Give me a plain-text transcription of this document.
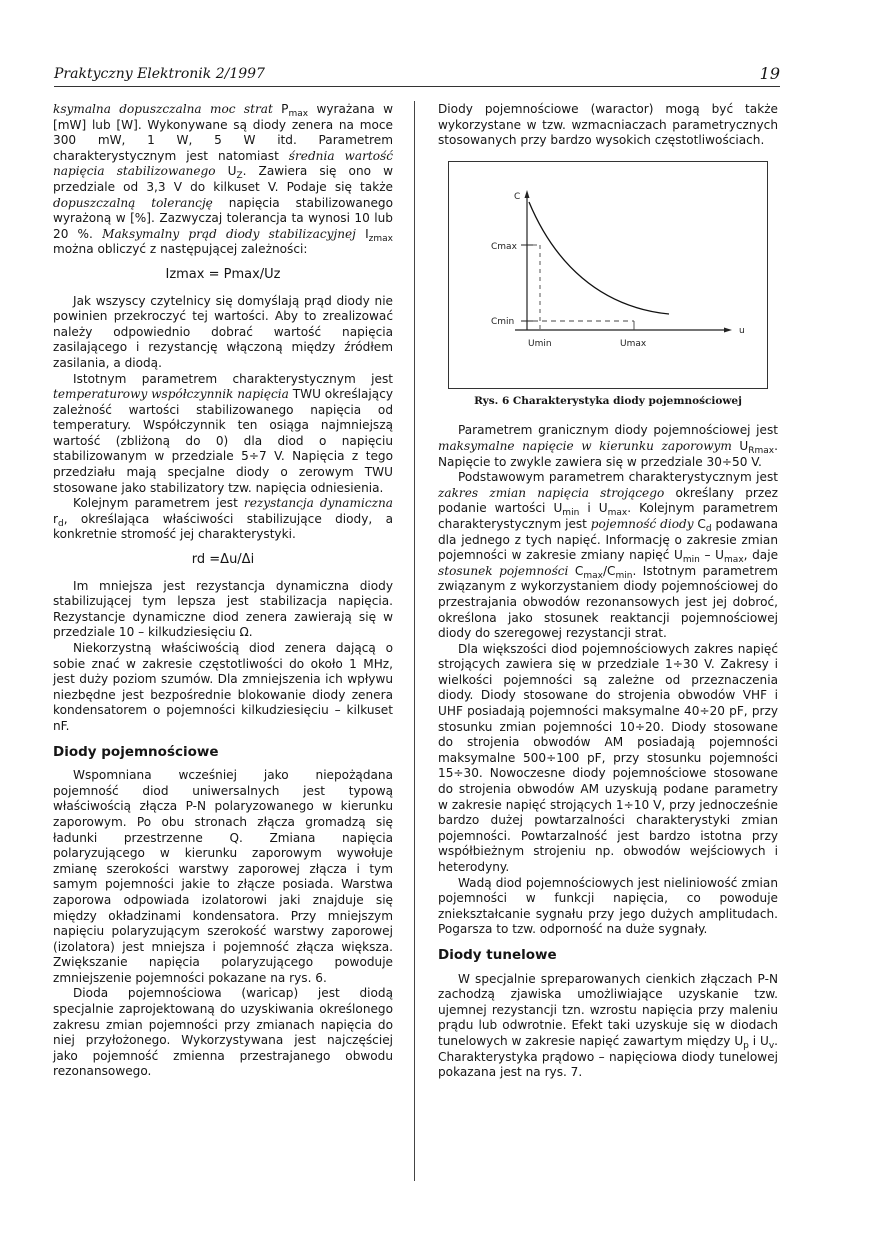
Praktyczny Elektronik 2/1997	19

ksymalna dopuszczalna moc strat $P_{max}$ wyrażana w [mW] lub [W]. Wykonywane są diody zenera na moce 300 mW, 1 W, 5 W itd. Parametrem charakterystycznym jest natomiast średnia wartość napięcia stabilizowanego $U_Z$. Zawiera się ono w przedziale od 3,3 V do kilkuset V. Podaje się także dopuszczalną tolerancję napięcia stabilizowanego wyrażoną w [%]. Zazwyczaj tolerancja ta wynosi 10 lub 20 %. Maksymalny prąd diody stabilizacyjnej $I_{zmax}$ można obliczyć z następującej zależności:

Izmax = Pmax/Uz

Jak wszyscy czytelnicy się domyślają prąd diody nie powinien przekroczyć tej wartości. Aby to zrealizować należy odpowiednio dobrać wartość napięcia zasilającego i rezystancję włączoną między źródłem zasilania, a diodą.

Istotnym parametrem charakterystycznym jest temperaturowy współczynnik napięcia TWU określający zależność wartości stabilizowanego napięcia od temperatury. Współczynnik ten osiąga najmniejszą wartość (zbliżoną do 0) dla diod o napięciu stabilizowanym w przedziale 5÷7 V. Napięcia z tego przedziału mają specjalne diody o zerowym TWU stosowane jako stabilizatory tzw. napięcia odniesienia.

Kolejnym parametrem jest rezystancja dynamiczna $r_d$, określająca właściwości stabilizujące diody, a konkretnie stromość jej charakterystyki.

rd =Δu/Δi

Im mniejsza jest rezystancja dynamiczna diody stabilizującej tym lepsza jest stabilizacja napięcia. Rezystancje dynamiczne diod zenera zawierają się w przedziale 10 – kilkudziesięciu Ω.

Niekorzystną właściwością diod zenera dającą o sobie znać w zakresie częstotliwości do około 1 MHz, jest duży poziom szumów. Dla zmniejszenia ich wpływu niezbędne jest bezpośrednie blokowanie diody zenera kondensatorem o pojemności kilkudziesięciu – kilkuset nF.

Diody pojemnościowe

Wspomniana wcześniej jako niepożądana pojemność diod uniwersalnych jest typową właściwością złącza P-N polaryzowanego w kierunku zaporowym. Po obu stronach złącza gromadzą się ładunki przestrzenne Q. Zmiana napięcia polaryzującego w kierunku zaporowym wywołuje zmianę szerokości warstwy zaporowej złącza i tym samym pojemności jakie to złącze posiada. Warstwa zaporowa odpowiada izolatorowi jaki znajduje się między okładzinami kondensatora. Przy mniejszym napięciu polaryzującym szerokość warstwy zaporowej (izolatora) jest mniejsza i pojemność złącza większa. Zwiększanie napięcia polaryzującego powoduje zmniejszenie pojemności pokazane na rys. 6.

Dioda pojemnościowa (waricap) jest diodą specjalnie zaprojektowaną do uzyskiwania określonego zakresu zmian pojemności przy zmianach napięcia do niej przyłożonego. Wykorzystywana jest najczęściej jako pojemność zmienna przestrajanego obwodu rezonansowego.

Diody pojemnościowe (waractor) mogą być także wykorzystane w tzw. wzmacniaczach parametrycznych stosowanych przy bardzo wysokich częstotliwościach.

C
Cmax
Cmin
u
Umin	Umax
Rys. 6 Charakterystyka diody pojemnościowej

Parametrem granicznym diody pojemnościowej jest maksymalne napięcie w kierunku zaporowym $U_{Rmax}$. Napięcie to zwykle zawiera się w przedziale 30÷50 V.

Podstawowym parametrem charakterystycznym jest zakres zmian napięcia strojącego określany przez podanie wartości $U_{min}$ i $U_{max}$. Kolejnym parametrem charakterystycznym jest pojemność diody $C_d$ podawana dla jednego z tych napięć. Informację o zakresie zmian pojemności w zakresie zmiany napięć $U_{min} - U_{max}$, daje stosunek pojemności $C_{max}/C_{min}$. Istotnym parametrem związanym z wykorzystaniem diody pojemnościowej do przestrajania obwodów rezonansowych jest jej dobroć, określona jako stosunek reaktancji pojemnościowej diody do szeregowej rezystancji strat.

Dla większości diod pojemnościowych zakres napięć strojących zawiera się w przedziale 1÷30 V. Zakresy i wielkości pojemności są zależne od przeznaczenia diody. Diody stosowane do strojenia obwodów VHF i UHF posiadają pojemności maksymalne 40÷20 pF, przy stosunku zmian pojemności 10÷20. Diody stosowane do strojenia obwodów AM posiadają pojemności maksymalne 500÷100 pF, przy stosunku pojemności 15÷30. Nowoczesne diody pojemnościowe stosowane do strojenia obwodów AM uzyskują podane parametry w zakresie napięć strojących 1÷10 V, przy jednocześnie bardzo dużej powtarzalności charakterystyki zmian pojemności. Powtarzalność jest bardzo istotna przy współbieżnym strojeniu np. obwodów wejściowych i heterodyny.

Wadą diod pojemnościowych jest nieliniowość zmian pojemności w funkcji napięcia, co powoduje zniekształcanie sygnału przy jego dużych amplitudach. Pogarsza to tzw. odporność na duże sygnały.

Diody tunelowe

W specjalnie spreparowanych cienkich złączach P-N zachodzą zjawiska umożliwiające uzyskanie tzw. ujemnej rezystancji tzn. wzrostu napięcia przy maleniu prądu lub odwrotnie. Efekt taki uzyskuje się w diodach tunelowych w zakresie napięć zawartym między $U_p$ i $U_v$. Charakterystyka prądowo – napięciowa diody tunelowej pokazana jest na rys. 7.
